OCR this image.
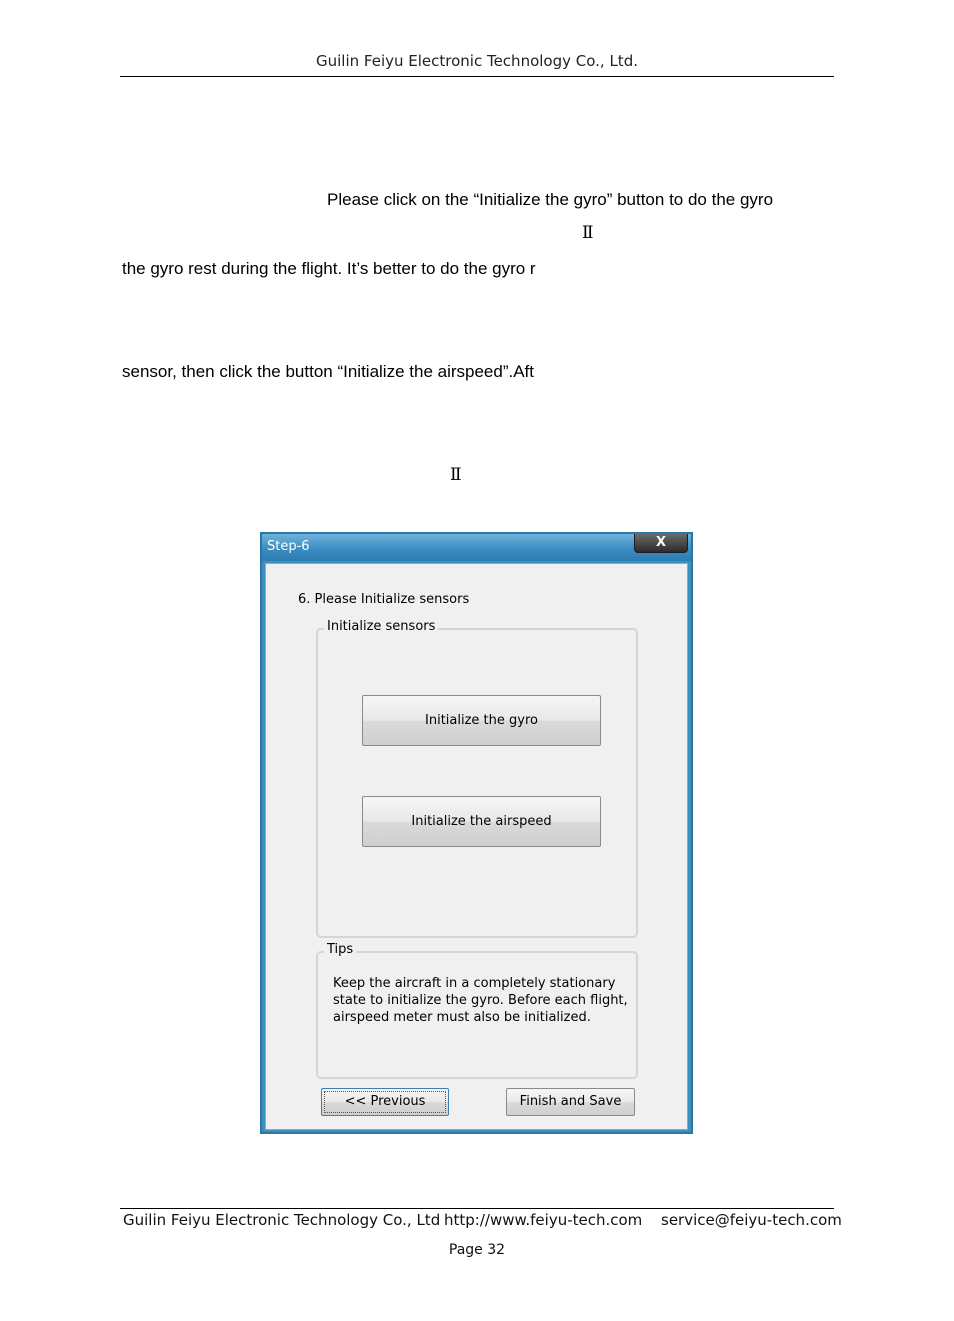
Guilin Feiyu Electronic Technology Co., Ltd.
Please click on the “Initialize the gyro” button to do the gyro
Ⅱ
the gyro rest during the flight. It’s better to do the gyro r
sensor, then click the button “Initialize the airspeed”.Aft
Ⅱ
Step-6	X
6. Please Initialize sensors
Initialize sensors
Initialize the gyro
Initialize the airspeed
Tips
Keep the aircraft in a completely stationary state to initialize the gyro. Before each flight, airspeed meter must also be initialized.
<< Previous	Finish and Save
Guilin Feiyu Electronic Technology Co., Ltd http://www.feiyu-tech.com service@feiyu-tech.com
Page 32
